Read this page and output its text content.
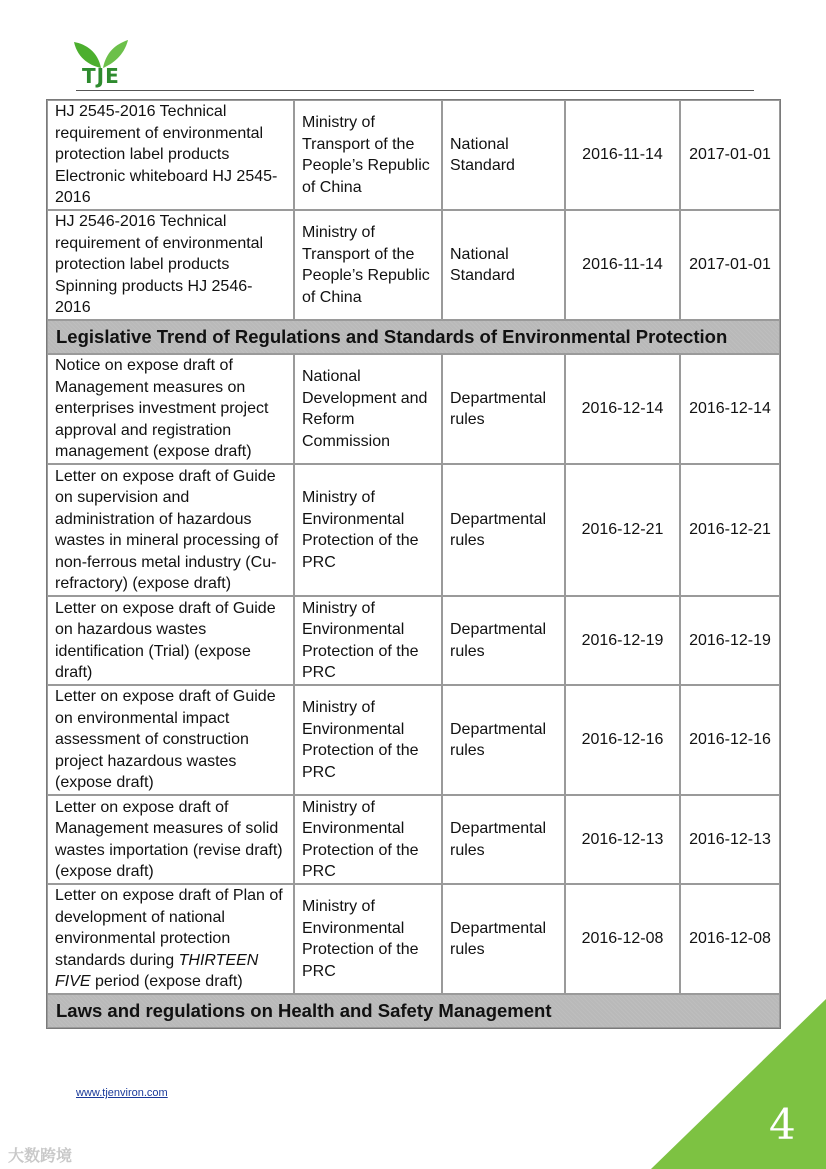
TJE
HJ 2545-2016 Technical requirement of environmental protection label products Electronic whiteboard HJ 2545-2016	Ministry of Transport of the People’s Republic of China	National Standard	2016-11-14	2017-01-01
HJ 2546-2016 Technical requirement of environmental protection label products Spinning products HJ 2546-2016	Ministry of Transport of the People’s Republic of China	National Standard	2016-11-14	2017-01-01
Legislative Trend of Regulations and Standards of Environmental Protection				
Notice on expose draft of Management measures on enterprises investment project approval and registration management (expose draft)	National Development and Reform Commission	Departmental rules	2016-12-14	2016-12-14
Letter on expose draft of Guide on supervision and administration of hazardous wastes in mineral processing of non-ferrous metal industry (Cu- refractory) (expose draft)	Ministry of Environmental Protection of the PRC	Departmental rules	2016-12-21	2016-12-21
Letter on expose draft of Guide on hazardous wastes identification (Trial) (expose draft)	Ministry of Environmental Protection of the PRC	Departmental rules	2016-12-19	2016-12-19
Letter on expose draft of Guide on environmental impact assessment of construction project hazardous wastes (expose draft)	Ministry of Environmental Protection of the PRC	Departmental rules	2016-12-16	2016-12-16
Letter on expose draft of Management measures of solid wastes importation (revise draft) (expose draft)	Ministry of Environmental Protection of the PRC	Departmental rules	2016-12-13	2016-12-13
Letter on expose draft of Plan of development of national environmental protection standards during THIRTEEN FIVE period (expose draft)	Ministry of Environmental Protection of the PRC	Departmental rules	2016-12-08	2016-12-08
Laws and regulations on Health and Safety Management				
www.tjenviron.com
4
大数跨境
